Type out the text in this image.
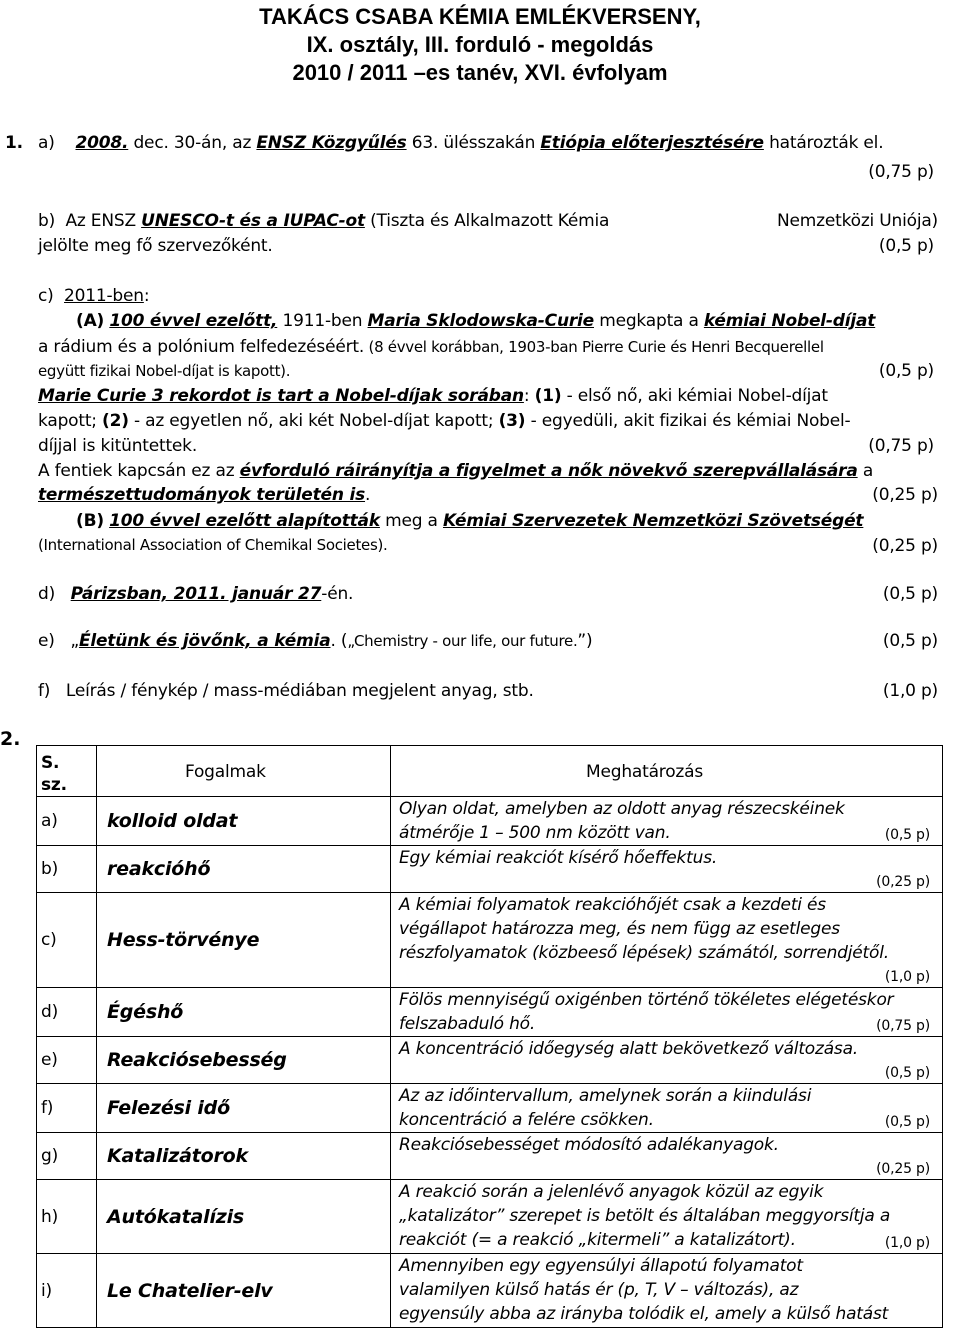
TAKÁCS CSABA KÉMIA EMLÉKVERSENY,
IX. osztály, III. forduló - megoldás
2010 / 2011 –es tanév, XVI. évfolyam
1. a) 2008. dec. 30-án, az ENSZ Közgyűlés 63. ülésszakán Etiópia előterjesztésére határozták el.
(0,75 p)
b) Az ENSZ UNESCO-t és a IUPAC-ot (Tiszta és Alkalmazott Kémia	Nemzetközi Uniója)
jelölte meg fő szervezőként.	(0,5 p)
c) 2011-ben:
(A) 100 évvel ezelőtt, 1911-ben Maria Sklodowska-Curie megkapta a kémiai Nobel-díjat
a rádium és a polónium felfedezéséért. (8 évvel korábban, 1903-ban Pierre Curie és Henri Becquerellel
együtt fizikai Nobel-díjat is kapott).	(0,5 p)
Marie Curie 3 rekordot is tart a Nobel-díjak sorában: (1) - első nő, aki kémiai Nobel-díjat
kapott; (2) - az egyetlen nő, aki két Nobel-díjat kapott; (3) - egyedüli, akit fizikai és kémiai Nobel-
díjjal is kitüntettek.	(0,75 p)
A fentiek kapcsán ez az évforduló ráirányítja a figyelmet a nők növekvő szerepvállalására a
természettudományok területén is.	(0,25 p)
(B) 100 évvel ezelőtt alapították meg a Kémiai Szervezetek Nemzetközi Szövetségét
(International Association of Chemikal Societes).	(0,25 p)
d) Párizsban, 2011. január 27-én.	(0,5 p)
e) „Életünk és jövőnk, a kémia. („Chemistry - our life, our future.”)	(0,5 p)
f) Leírás / fénykép / mass-médiában megjelent anyag, stb.	(1,0 p)
2.
S.
sz.	Fogalmak	Meghatározás
a)	kolloid oldat	Olyan oldat, amelyben az oldott anyag részecskéinek
átmérője 1 – 500 nm között van. (0,5 p)

b)	reakcióhő	Egy kémiai reakciót kísérő hőeffektus.
(0,25 p)

c)	Hess-törvénye	A kémiai folyamatok reakcióhőjét csak a kezdeti és
végállapot határozza meg, és nem függ az esetleges
részfolyamatok (közbeeső lépések) számától, sorrendjétől.
(1,0 p)

d)	Égéshő	Fölös mennyiségű oxigénben történő tökéletes elégetéskor
felszabaduló hő. (0,75 p)

e)	Reakciósebesség	A koncentráció időegység alatt bekövetkező változása.
(0,5 p)

f)	Felezési idő	Az az időintervallum, amelynek során a kiindulási
koncentráció a felére csökken. (0,5 p)

g)	Katalizátorok	Reakciósebességet módosító adalékanyagok.
(0,25 p)

h)	Autókatalízis	A reakció során a jelenlévő anyagok közül az egyik
„katalizátor” szerepet is betölt és általában meggyorsítja a
reakciót (= a reakció „kitermeli” a katalizátort). (1,0 p)

i)	Le Chatelier-elv	Amennyiben egy egyensúlyi állapotú folyamatot
valamilyen külső hatás ér (p, T, V – változás), az
egyensúly abba az irányba tolódik el, amely a külső hatást
